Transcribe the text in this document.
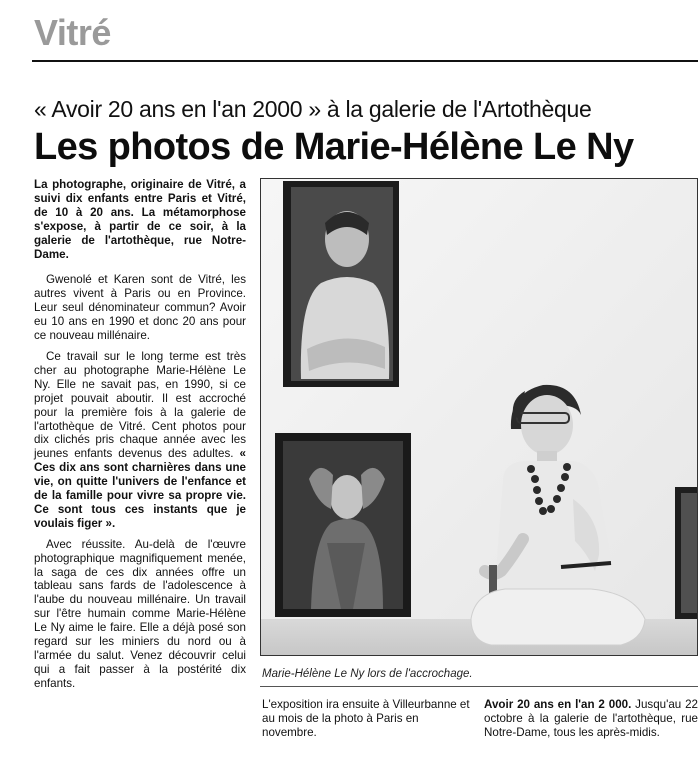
Vitré
« Avoir 20 ans en l'an 2000 » à la galerie de l'Artothèque
Les photos de Marie-Hélène Le Ny

La photographe, originaire de Vitré, a suivi dix enfants entre Paris et Vitré, de 10 à 20 ans. La métamorphose s'expose, à partir de ce soir, à la galerie de l'artothèque, rue Notre-Dame.

Gwenolé et Karen sont de Vitré, les autres vivent à Paris ou en Province. Leur seul dénominateur commun? Avoir eu 10 ans en 1990 et donc 20 ans pour ce nouveau millénaire.

Ce travail sur le long terme est très cher au photographe Marie-Hélène Le Ny. Elle ne savait pas, en 1990, si ce projet pouvait aboutir. Il est accroché pour la première fois à la galerie de l'artothèque de Vitré. Cent photos pour dix clichés pris chaque année avec les jeunes enfants devenus des adultes. « Ces dix ans sont charnières dans une vie, on quitte l'univers de l'enfance et de la famille pour vivre sa propre vie. Ce sont tous ces instants que je voulais figer ».

Avec réussite. Au-delà de l'œuvre photographique magnifiquement menée, la saga de ces dix années offre un tableau sans fards de l'adolescence à l'aube du nouveau millénaire. Un travail sur l'être humain comme Marie-Hélène Le Ny aime le faire. Elle a déjà posé son regard sur les miniers du nord ou à l'armée du salut. Venez découvrir celui qui a fait passer à la postérité dix enfants.

Marie-Hélène Le Ny lors de l'accrochage.

L'exposition ira ensuite à Villeurbanne et au mois de la photo à Paris en novembre.

Avoir 20 ans en l'an 2 000. Jusqu'au 22 octobre à la galerie de l'artothèque, rue Notre-Dame, tous les après-midis.
